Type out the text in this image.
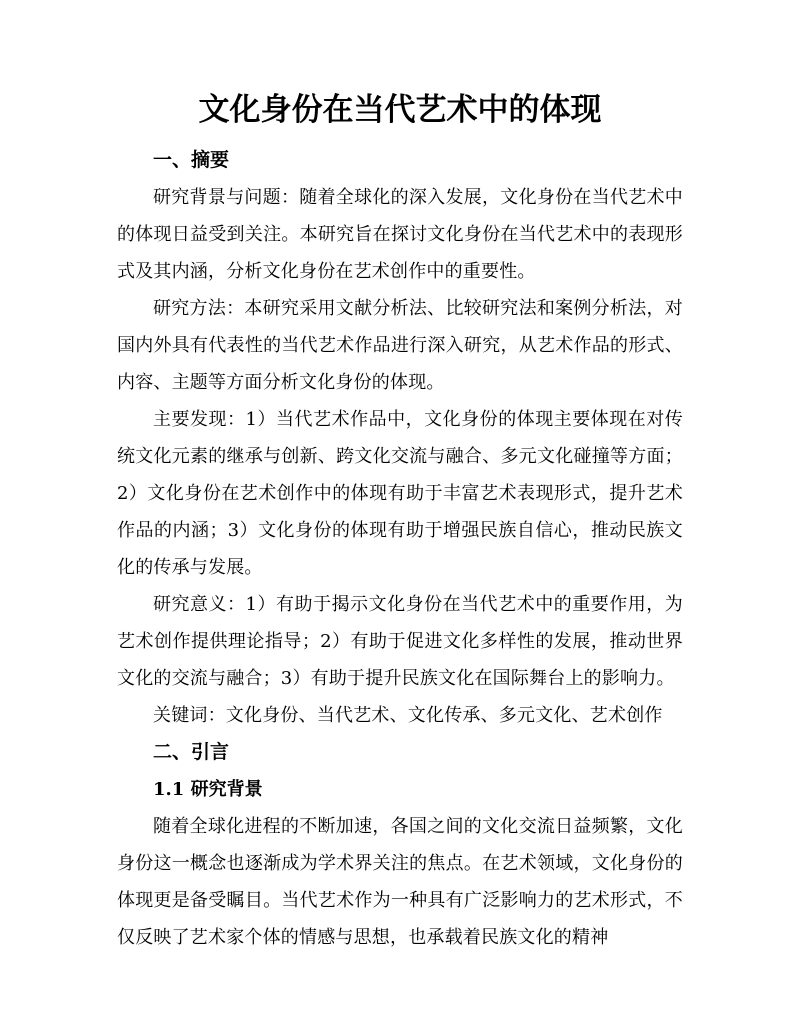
文化身份在当代艺术中的体现
一、摘要

研究背景与问题：随着全球化的深入发展，文化身份在当代艺术中的体现日益受到关注。本研究旨在探讨文化身份在当代艺术中的表现形式及其内涵，分析文化身份在艺术创作中的重要性。

研究方法：本研究采用文献分析法、比较研究法和案例分析法，对国内外具有代表性的当代艺术作品进行深入研究，从艺术作品的形式、内容、主题等方面分析文化身份的体现。

主要发现：1）当代艺术作品中，文化身份的体现主要体现在对传统文化元素的继承与创新、跨文化交流与融合、多元文化碰撞等方面；2）文化身份在艺术创作中的体现有助于丰富艺术表现形式，提升艺术作品的内涵；3）文化身份的体现有助于增强民族自信心，推动民族文化的传承与发展。

研究意义：1）有助于揭示文化身份在当代艺术中的重要作用，为艺术创作提供理论指导；2）有助于促进文化多样性的发展，推动世界文化的交流与融合；3）有助于提升民族文化在国际舞台上的影响力。

关键词：文化身份、当代艺术、文化传承、多元文化、艺术创作

二、引言
1.1 研究背景

随着全球化进程的不断加速，各国之间的文化交流日益频繁，文化身份这一概念也逐渐成为学术界关注的焦点。在艺术领域，文化身份的体现更是备受瞩目。当代艺术作为一种具有广泛影响力的艺术形式，不仅反映了艺术家个体的情感与思想，也承载着民族文化的精神
